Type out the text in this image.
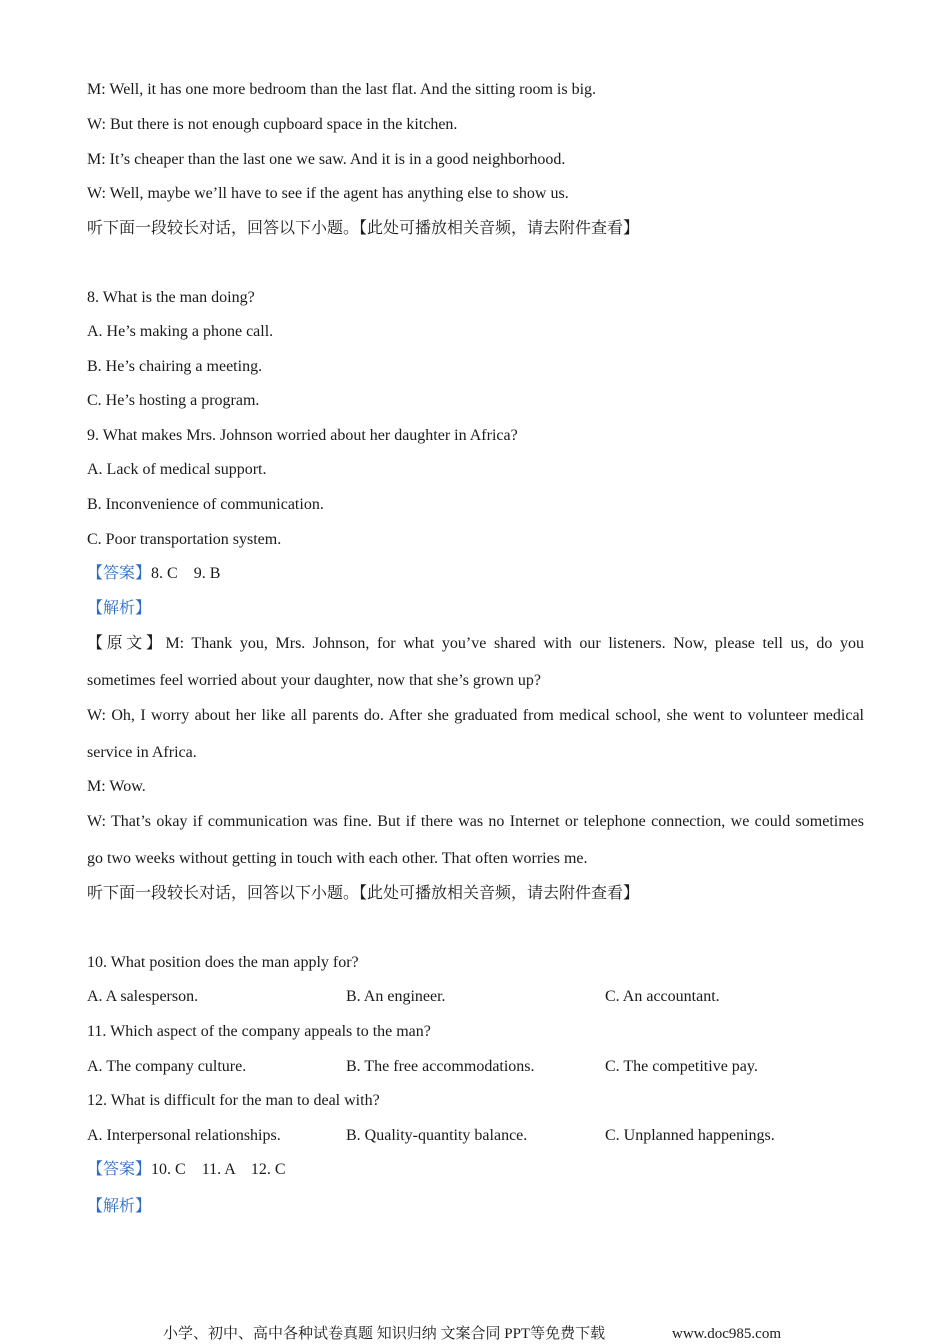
M: Well, it has one more bedroom than the last flat. And the sitting room is big.
W: But there is not enough cupboard space in the kitchen.
M: It’s cheaper than the last one we saw. And it is in a good neighborhood.
W: Well, maybe we’ll have to see if the agent has anything else to show us.
听下面一段较长对话，回答以下小题。【此处可播放相关音频，请去附件查看】
8. What is the man doing?
A. He’s making a phone call.
B. He’s chairing a meeting.
C. He’s hosting a program.
9. What makes Mrs. Johnson worried about her daughter in Africa?
A. Lack of medical support.
B. Inconvenience of communication.
C. Poor transportation system.
【答案】8. C    9. B
【解析】
【原文】M: Thank you, Mrs. Johnson, for what you’ve shared with our listeners. Now, please tell us, do you
sometimes feel worried about your daughter, now that she’s grown up?
W: Oh, I worry about her like all parents do. After she graduated from medical school, she went to volunteer medical
service in Africa.
M: Wow.
W: That’s okay if communication was fine. But if there was no Internet or telephone connection, we could sometimes
go two weeks without getting in touch with each other. That often worries me.
听下面一段较长对话，回答以下小题。【此处可播放相关音频，请去附件查看】
10. What position does the man apply for?
A. A salesperson.	B. An engineer.	C. An accountant.
11. Which aspect of the company appeals to the man?
A. The company culture.	B. The free accommodations.	C. The competitive pay.
12. What is difficult for the man to deal with?
A. Interpersonal relationships.	B. Quality-quantity balance.	C. Unplanned happenings.
【答案】10. C    11. A    12. C
【解析】
小学、初中、高中各种试卷真题 知识归纳 文案合同 PPT等免费下载	www.doc985.com
